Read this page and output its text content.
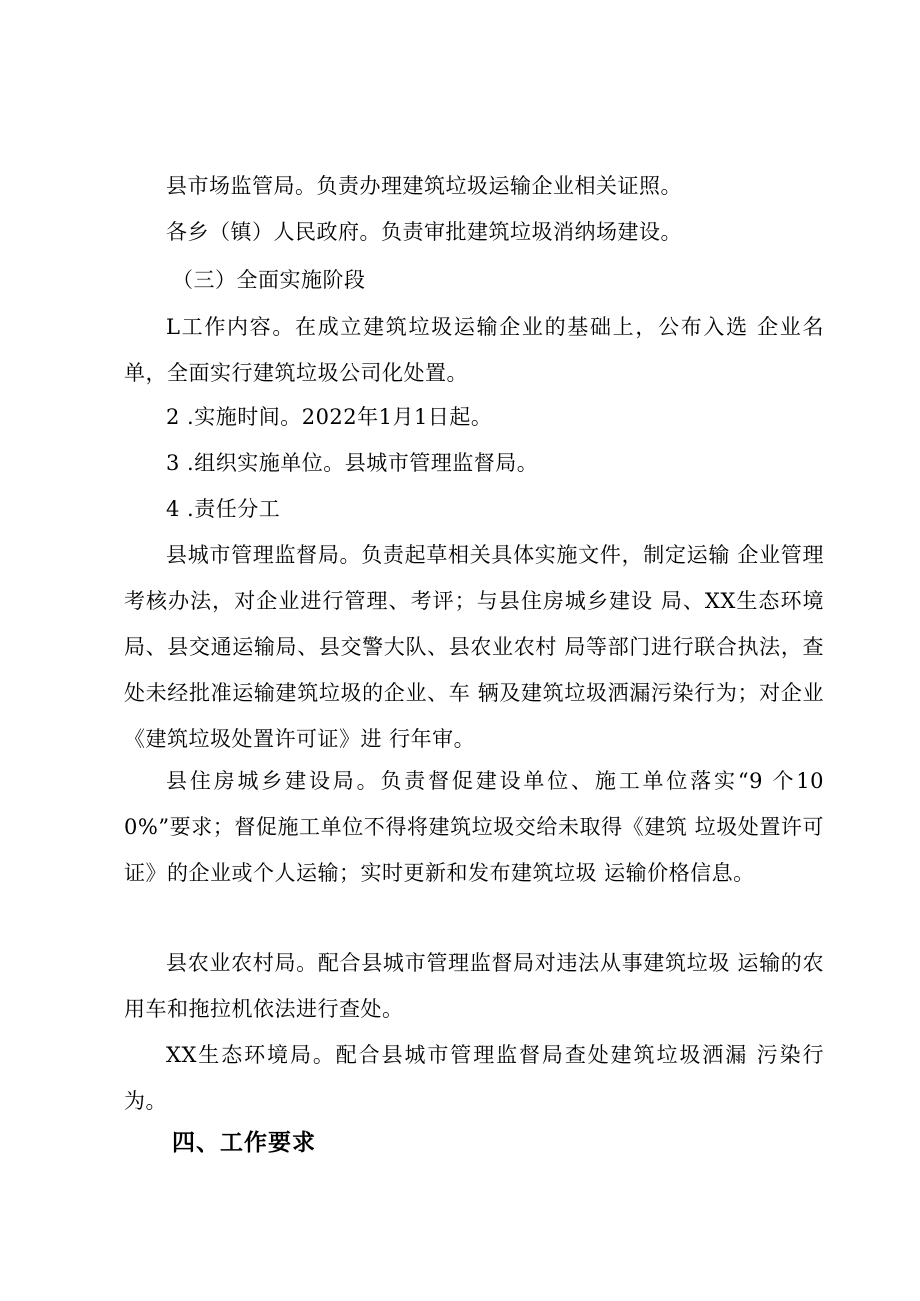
县市场监管局。负责办理建筑垃圾运输企业相关证照。

各乡（镇）人民政府。负责审批建筑垃圾消纳场建设。

（三）全面实施阶段

L工作内容。在成立建筑垃圾运输企业的基础上，公布入选 企业名单，全面实行建筑垃圾公司化处置。

2 .实施时间。2022年1月1日起。

3 .组织实施单位。县城市管理监督局。

4 .责任分工

县城市管理监督局。负责起草相关具体实施文件，制定运输 企业管理考核办法，对企业进行管理、考评；与县住房城乡建设 局、XX生态环境局、县交通运输局、县交警大队、县农业农村 局等部门进行联合执法，查处未经批准运输建筑垃圾的企业、车 辆及建筑垃圾洒漏污染行为；对企业《建筑垃圾处置许可证》进 行年审。

县住房城乡建设局。负责督促建设单位、施工单位落实“9 个100%”要求；督促施工单位不得将建筑垃圾交给未取得《建筑 垃圾处置许可证》的企业或个人运输；实时更新和发布建筑垃圾 运输价格信息。

县农业农村局。配合县城市管理监督局对违法从事建筑垃圾 运输的农用车和拖拉机依法进行查处。

XX生态环境局。配合县城市管理监督局查处建筑垃圾洒漏 污染行为。

四、工作要求
